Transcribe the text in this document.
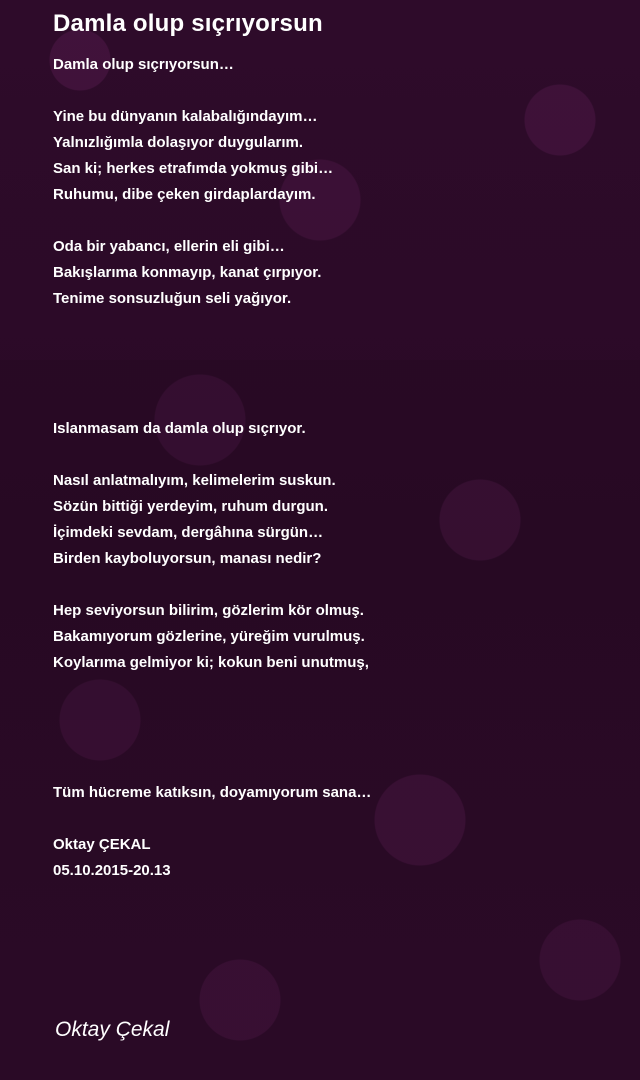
Damla olup sıçrıyorsun
Damla olup sıçrıyorsun…
Yine bu dünyanın kalabalığındayım…
Yalnızlığımla dolaşıyor duygularım.
San ki; herkes etrafımda yokmuş gibi…
Ruhumu, dibe çeken girdaplardayım.
Oda bir yabancı, ellerin eli gibi…
Bakışlarıma konmayıp, kanat çırpıyor.
Tenime sonsuzluğun seli yağıyor.
Islanmasam da damla olup sıçrıyor.
Nasıl anlatmalıyım, kelimelerim suskun.
Sözün bittiği yerdeyim, ruhum durgun.
İçimdeki sevdam, dergâhına sürgün…
Birden kayboluyorsun, manası nedir?
Hep seviyorsun bilirim, gözlerim kör olmuş.
Bakamıyorum gözlerine, yüreğim vurulmuş.
Koylarıma gelmiyor ki; kokun beni unutmuş,
Tüm hücreme katıksın, doyamıyorum sana…
Oktay ÇEKAL
05.10.2015-20.13
Oktay Çekal
